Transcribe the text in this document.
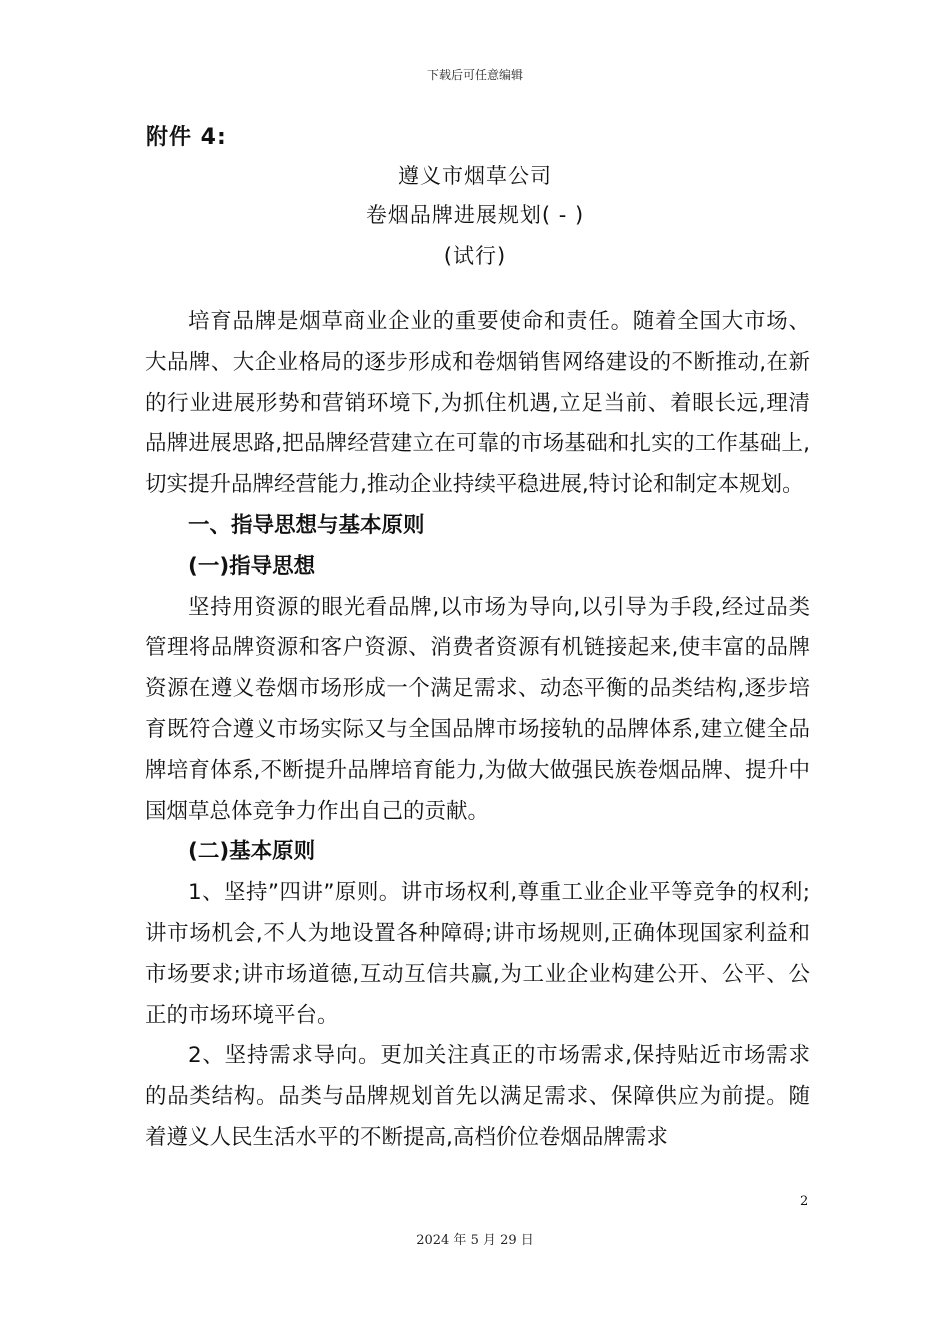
下载后可任意编辑
附件 4:
遵义市烟草公司
卷烟品牌进展规划( - )
(试行)

培育品牌是烟草商业企业的重要使命和责任。随着全国大市场、大品牌、大企业格局的逐步形成和卷烟销售网络建设的不断推动,在新的行业进展形势和营销环境下,为抓住机遇,立足当前、着眼长远,理清品牌进展思路,把品牌经营建立在可靠的市场基础和扎实的工作基础上,切实提升品牌经营能力,推动企业持续平稳进展,特讨论和制定本规划。

一、指导思想与基本原则

(一)指导思想

坚持用资源的眼光看品牌,以市场为导向,以引导为手段,经过品类管理将品牌资源和客户资源、消费者资源有机链接起来,使丰富的品牌资源在遵义卷烟市场形成一个满足需求、动态平衡的品类结构,逐步培育既符合遵义市场实际又与全国品牌市场接轨的品牌体系,建立健全品牌培育体系,不断提升品牌培育能力,为做大做强民族卷烟品牌、提升中国烟草总体竞争力作出自己的贡献。

(二)基本原则

1、坚持”四讲”原则。讲市场权利,尊重工业企业平等竞争的权利;讲市场机会,不人为地设置各种障碍;讲市场规则,正确体现国家利益和市场要求;讲市场道德,互动互信共赢,为工业企业构建公开、公平、公正的市场环境平台。

2、坚持需求导向。更加关注真正的市场需求,保持贴近市场需求的品类结构。品类与品牌规划首先以满足需求、保障供应为前提。随着遵义人民生活水平的不断提高,高档价位卷烟品牌需求

2
2024 年 5 月 29 日
